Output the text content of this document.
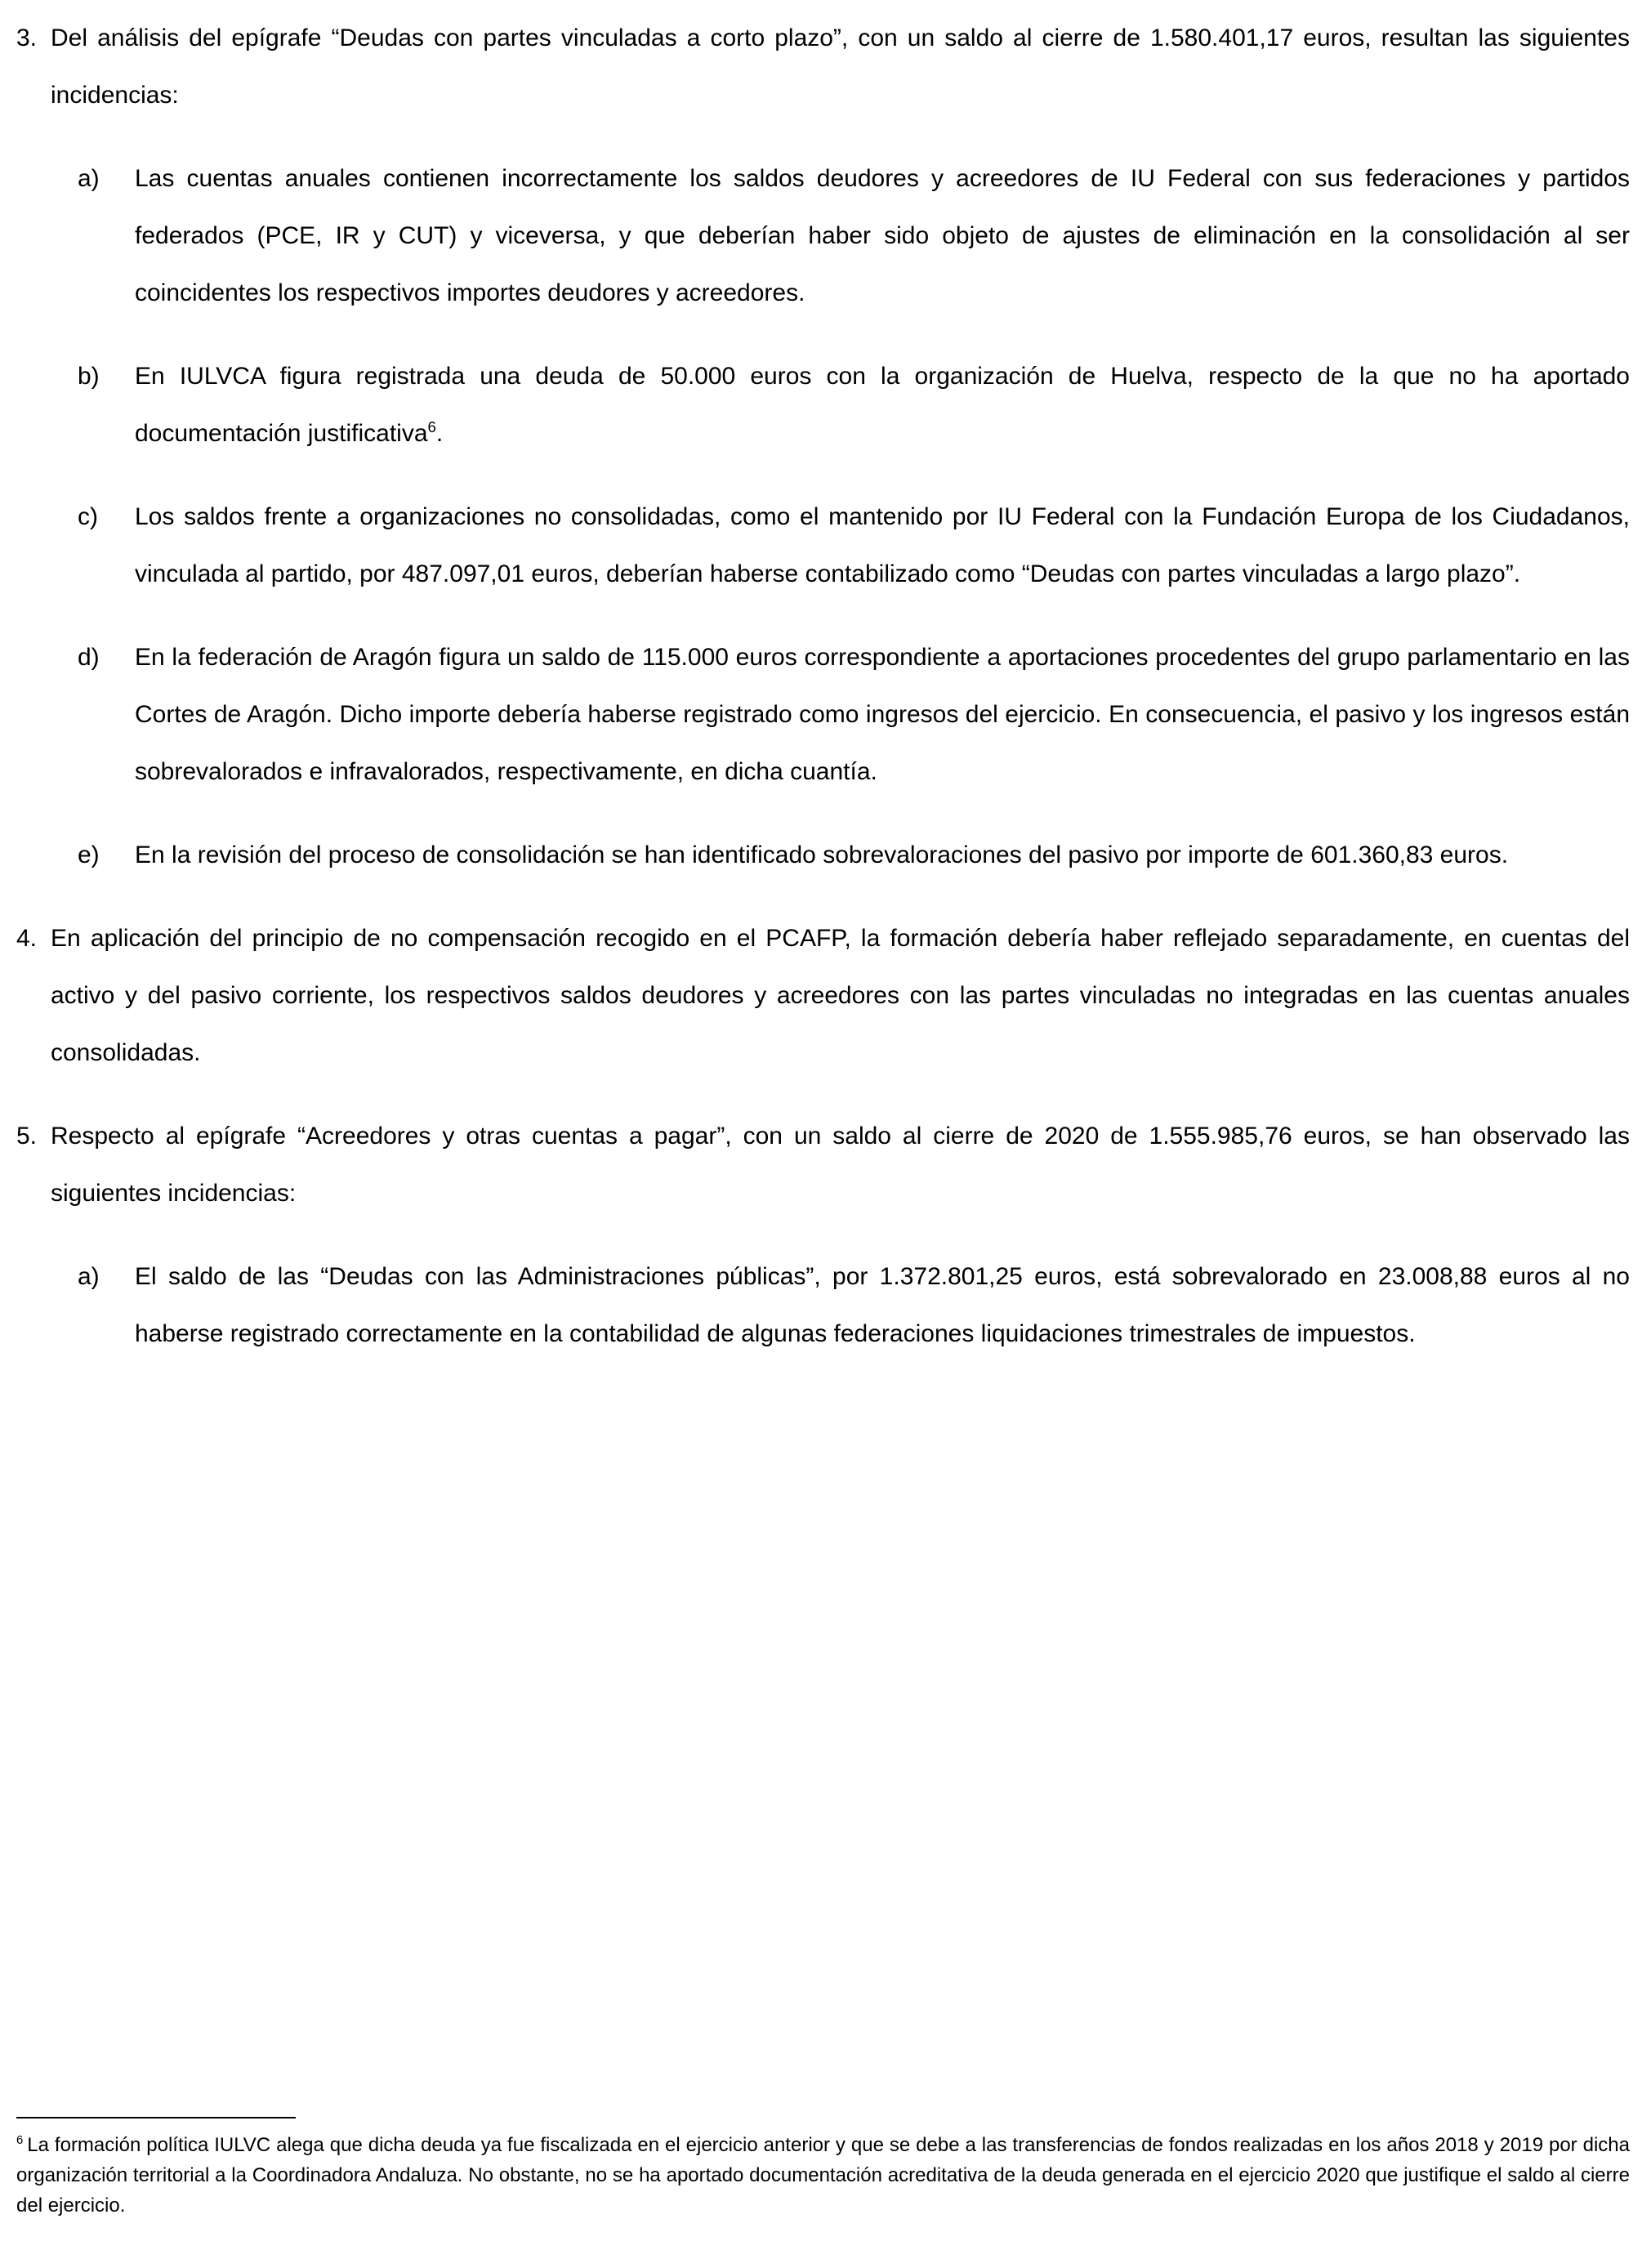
3. Del análisis del epígrafe “Deudas con partes vinculadas a corto plazo”, con un saldo al cierre de 1.580.401,17 euros, resultan las siguientes incidencias:

a)	Las cuentas anuales contienen incorrectamente los saldos deudores y acreedores de IU Federal con sus federaciones y partidos federados (PCE, IR y CUT) y viceversa, y que deberían haber sido objeto de ajustes de eliminación en la consolidación al ser coincidentes los respectivos importes deudores y acreedores.

b)	En IULVCA figura registrada una deuda de 50.000 euros con la organización de Huelva, respecto de la que no ha aportado documentación justificativa$^6$.

c)	Los saldos frente a organizaciones no consolidadas, como el mantenido por IU Federal con la Fundación Europa de los Ciudadanos, vinculada al partido, por 487.097,01 euros, deberían haberse contabilizado como “Deudas con partes vinculadas a largo plazo”.

d)	En la federación de Aragón figura un saldo de 115.000 euros correspondiente a aportaciones procedentes del grupo parlamentario en las Cortes de Aragón. Dicho importe debería haberse registrado como ingresos del ejercicio. En consecuencia, el pasivo y los ingresos están sobrevalorados e infravalorados, respectivamente, en dicha cuantía.

e)	En la revisión del proceso de consolidación se han identificado sobrevaloraciones del pasivo por importe de 601.360,83 euros.

4. En aplicación del principio de no compensación recogido en el PCAFP, la formación debería haber reflejado separadamente, en cuentas del activo y del pasivo corriente, los respectivos saldos deudores y acreedores con las partes vinculadas no integradas en las cuentas anuales consolidadas.

5. Respecto al epígrafe “Acreedores y otras cuentas a pagar”, con un saldo al cierre de 2020 de 1.555.985,76 euros, se han observado las siguientes incidencias:

a)	El saldo de las “Deudas con las Administraciones públicas”, por 1.372.801,25 euros, está sobrevalorado en 23.008,88 euros al no haberse registrado correctamente en la contabilidad de algunas federaciones liquidaciones trimestrales de impuestos.

$^6$ La formación política IULVC alega que dicha deuda ya fue fiscalizada en el ejercicio anterior y que se debe a las transferencias de fondos realizadas en los años 2018 y 2019 por dicha organización territorial a la Coordinadora Andaluza. No obstante, no se ha aportado documentación acreditativa de la deuda generada en el ejercicio 2020 que justifique el saldo al cierre del ejercicio.
